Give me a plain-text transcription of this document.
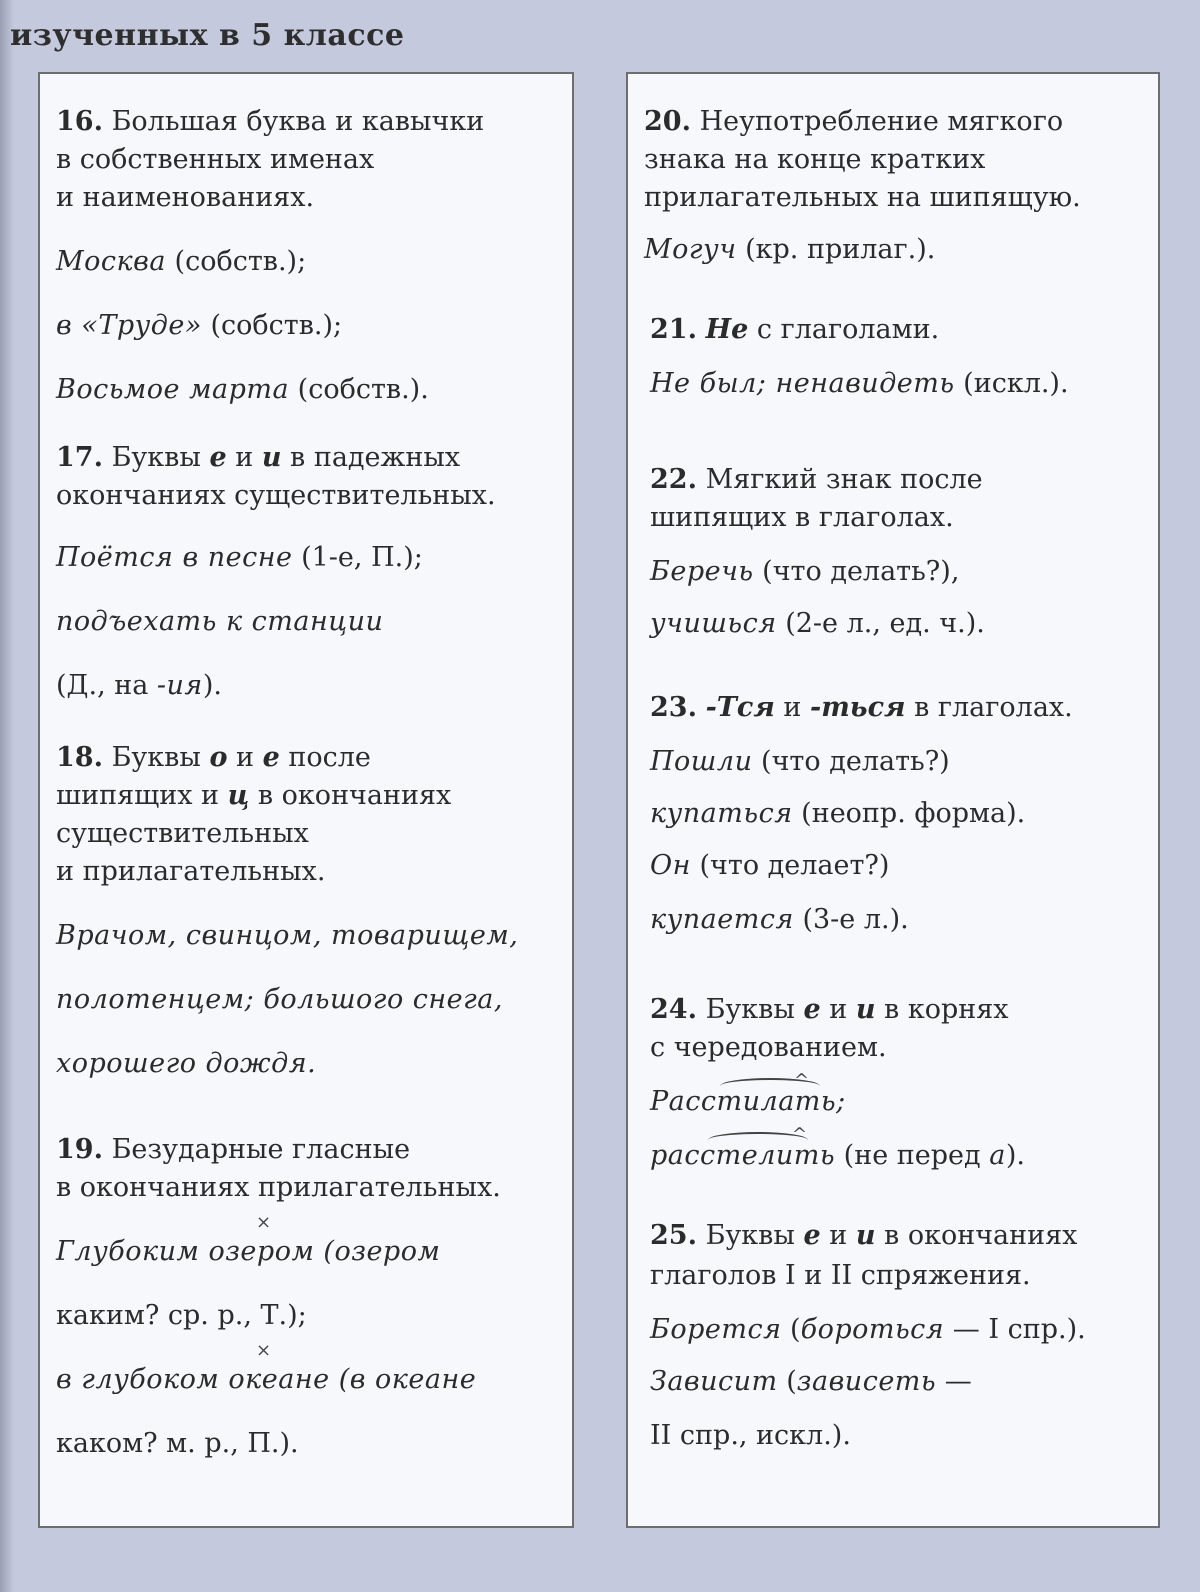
изученных в 5 классе
16. Большая буква и кавычки
в собственных именах
и наименованиях.
Москва (собств.);
в «Труде» (собств.);
Восьмое марта (собств.).
17. Буквы е и и в падежных
окончаниях существительных.
Поётся в песне (1-е, П.);
подъехать к станции
(Д., на -ия).
18. Буквы о и е после
шипящих и ц в окончаниях
существительных
и прилагательных.
Врачом, свинцом, товарищем,
полотенцем; большого снега,
хорошего дождя.
19. Безударные гласные
в окончаниях прилагательных.
×
Глубоким озером (озером
каким? ср. р., Т.);
×
в глубоком океане (в океане
каком? м. р., П.).
20. Неупотребление мягкого
знака на конце кратких
прилагательных на шипящую.
Могуч (кр. прилаг.).
21. Не с глаголами.
Не был; ненавидеть (искл.).
22. Мягкий знак после
шипящих в глаголах.
Беречь (что делать?),
учишься (2-е л., ед. ч.).
23. -Тся и -ться в глаголах.
Пошли (что делать?)
купаться (неопр. форма).
Он (что делает?)
купается (3-е л.).
24. Буквы е и и в корнях
с чередованием.
^
Расстилать;
^
расстелить (не перед а).
25. Буквы е и и в окончаниях
глаголов I и II спряжения.
Борется (бороться — I спр.).
Зависит (зависеть —
II спр., искл.).
